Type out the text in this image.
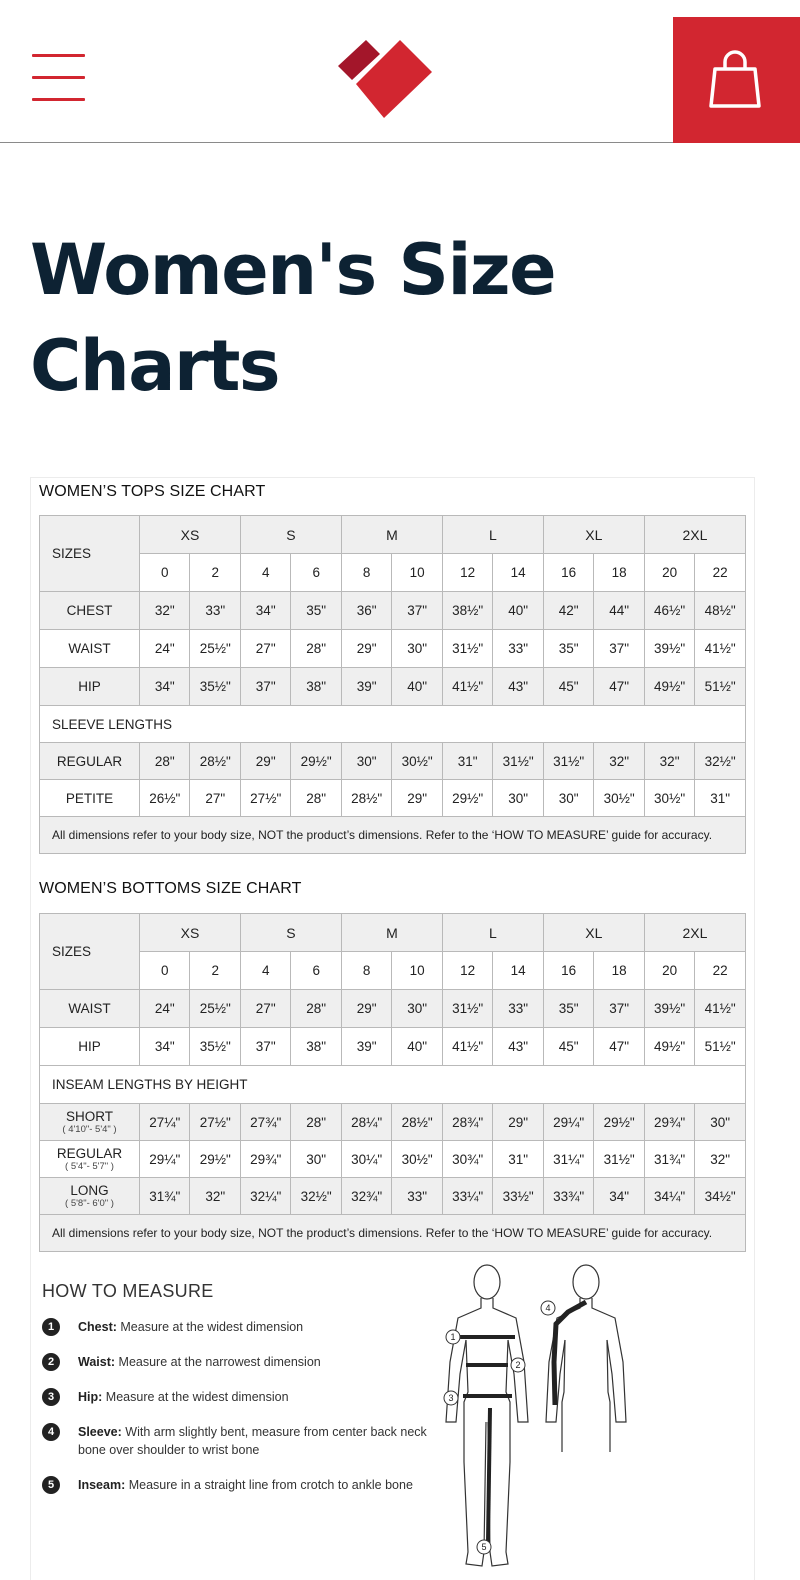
Women's Size Charts
WOMEN’S TOPS SIZE CHART
SIZES	XS		S		M		L		XL		2XL	
	0	2	4	6	8	10	12	14	16	18	20	22
CHEST	32"	33"	34"	35"	36"	37"	38½"	40"	42"	44"	46½"	48½"
WAIST	24"	25½"	27"	28"	29"	30"	31½"	33"	35"	37"	39½"	41½"
HIP	34"	35½"	37"	38"	39"	40"	41½"	43"	45"	47"	49½"	51½"
SLEEVE LENGTHS												

REGULAR	28"	28½"	29"	29½"	30"	30½"	31"	31½"	31½"	32"	32"	32½"

PETITE	26½"	27"	27½"	28"	28½"	29"	29½"	30"	30"	30½"	30½"	31"
All dimensions refer to your body size, NOT the product’s dimensions. Refer to the ‘HOW TO MEASURE’ guide for accuracy.												
WOMEN’S BOTTOMS SIZE CHART
SIZES	XS		S		M		L		XL		2XL	
	0	2	4	6	8	10	12	14	16	18	20	22
WAIST	24"	25½"	27"	28"	29"	30"	31½"	33"	35"	37"	39½"	41½"
HIP	34"	35½"	37"	38"	39"	40"	41½"	43"	45"	47"	49½"	51½"
INSEAM LENGTHS BY HEIGHT												

SHORT
( 4'10"- 5'4" )	27¼"	27½"	27¾"	28"	28¼"	28½"	28¾"	29"	29¼"	29½"	29¾"	30"

REGULAR
( 5'4"- 5'7" )	29¼"	29½"	29¾"	30"	30¼"	30½"	30¾"	31"	31¼"	31½"	31¾"	32"

LONG
( 5'8"- 6'0" )	31¾"	32"	32¼"	32½"	32¾"	33"	33¼"	33½"	33¾"	34"	34¼"	34½"
All dimensions refer to your body size, NOT the product’s dimensions. Refer to the ‘HOW TO MEASURE’ guide for accuracy.												
HOW TO MEASURE
1	Chest: Measure at the widest dimension
2	Waist: Measure at the narrowest dimension
3	Hip: Measure at the widest dimension
4	Sleeve: With arm slightly bent, measure from center back neck bone over shoulder to wrist bone
5	Inseam: Measure in a straight line from crotch to ankle bone
1
2
3
4
5
